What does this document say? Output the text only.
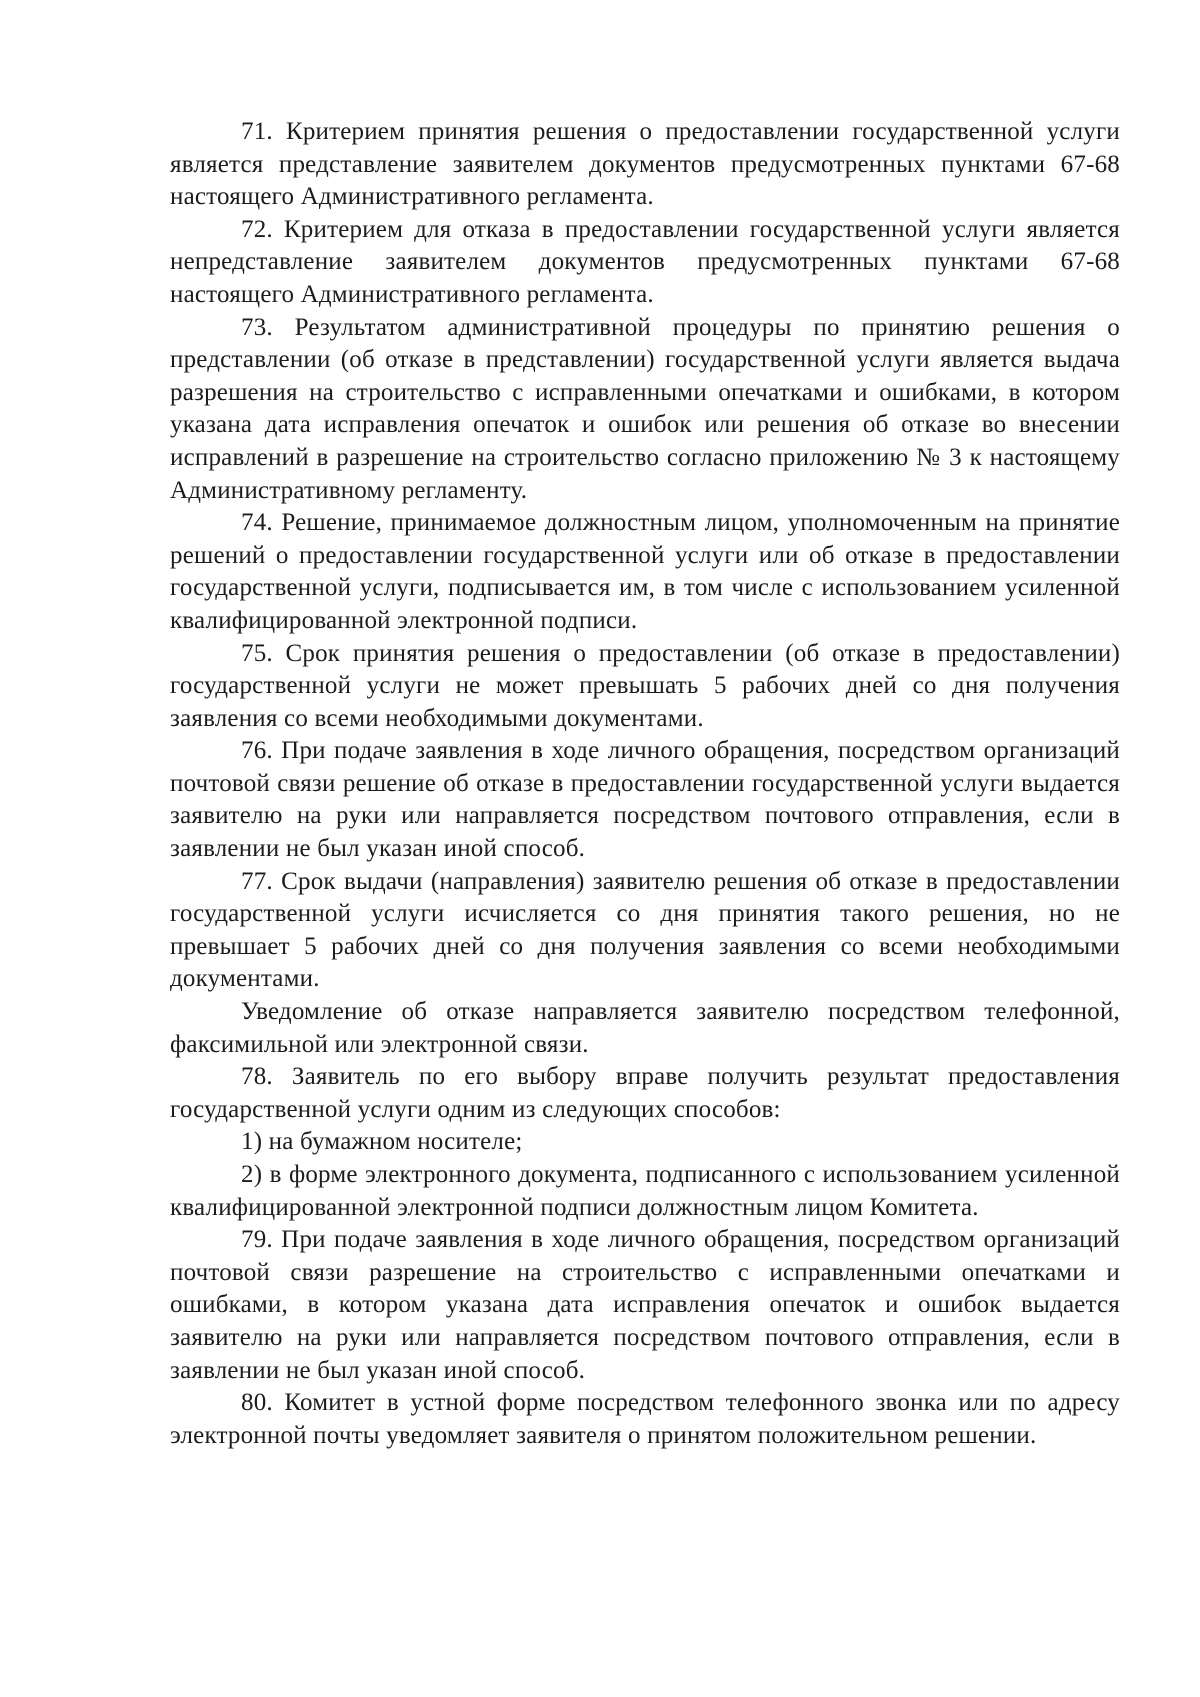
71. Критерием принятия решения о предоставлении государственной услуги является представление заявителем документов предусмотренных пунктами 67-68 настоящего Административного регламента.

72. Критерием для отказа в предоставлении государственной услуги является непредставление заявителем документов предусмотренных пунктами 67-68 настоящего Административного регламента.

73. Результатом административной процедуры по принятию решения о представлении (об отказе в представлении) государственной услуги является выдача разрешения на строительство с исправленными опечатками и ошибками, в котором указана дата исправления опечаток и ошибок или решения об отказе во внесении исправлений в разрешение на строительство согласно приложению № 3 к настоящему Административному регламенту.

74. Решение, принимаемое должностным лицом, уполномоченным на принятие решений о предоставлении государственной услуги или об отказе в предоставлении государственной услуги, подписывается им, в том числе с использованием усиленной квалифицированной электронной подписи.

75. Срок принятия решения о предоставлении (об отказе в предоставлении) государственной услуги не может превышать 5 рабочих дней со дня получения заявления со всеми необходимыми документами.

76. При подаче заявления в ходе личного обращения, посредством организаций почтовой связи решение об отказе в предоставлении государственной услуги выдается заявителю на руки или направляется посредством почтового отправления, если в заявлении не был указан иной способ.

77. Срок выдачи (направления) заявителю решения об отказе в предоставлении государственной услуги исчисляется со дня принятия такого решения, но не превышает 5 рабочих дней со дня получения заявления со всеми необходимыми документами.

Уведомление об отказе направляется заявителю посредством телефонной, факсимильной или электронной связи.

78. Заявитель по его выбору вправе получить результат предоставления государственной услуги одним из следующих способов:

1) на бумажном носителе;

2) в форме электронного документа, подписанного с использованием усиленной квалифицированной электронной подписи должностным лицом Комитета.

79. При подаче заявления в ходе личного обращения, посредством организаций почтовой связи разрешение на строительство с исправленными опечатками и ошибками, в котором указана дата исправления опечаток и ошибок выдается заявителю на руки или направляется посредством почтового отправления, если в заявлении не был указан иной способ.

80. Комитет в устной форме посредством телефонного звонка или по адресу электронной почты уведомляет заявителя о принятом положительном решении.
